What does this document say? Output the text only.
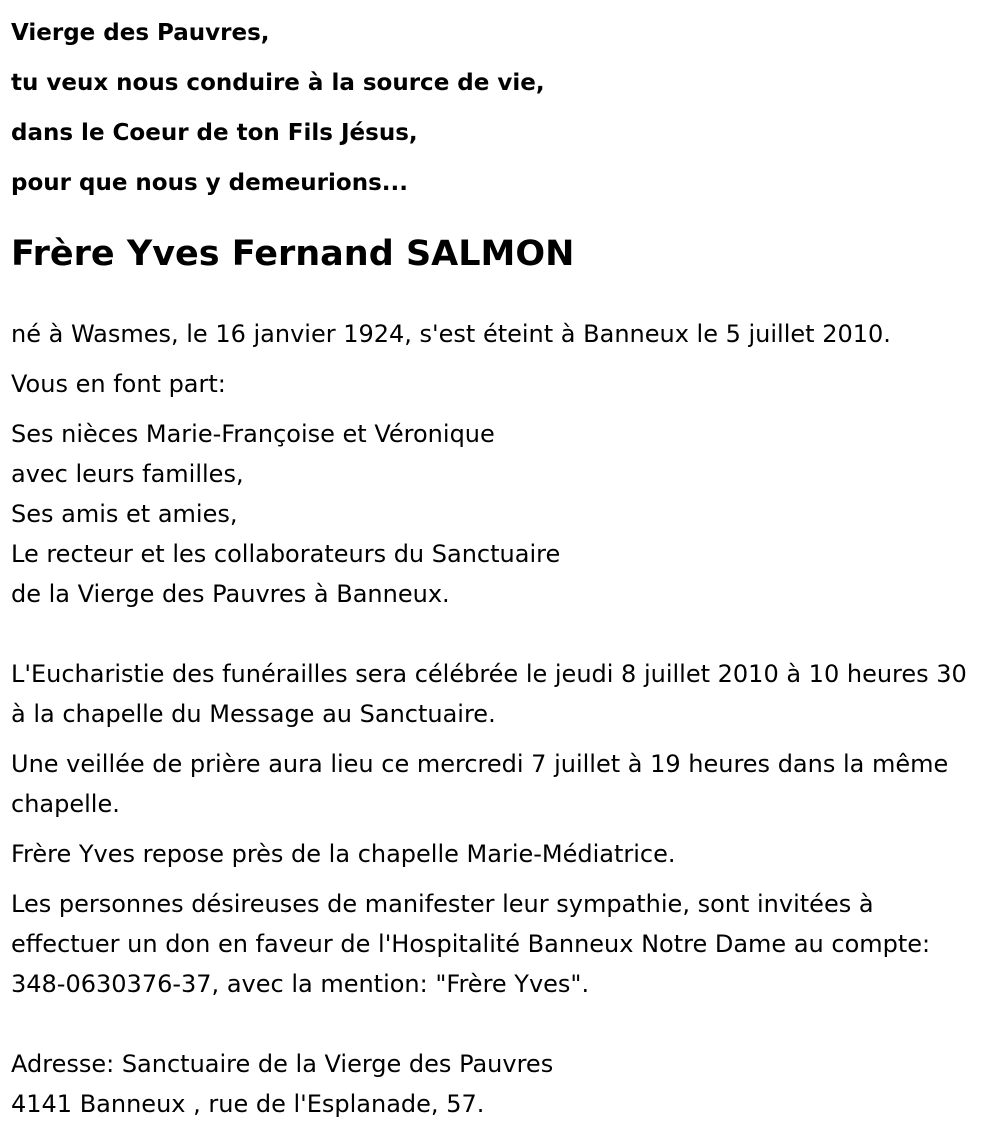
Vierge des Pauvres,
tu veux nous conduire à la source de vie,
dans le Coeur de ton Fils Jésus,
pour que nous y demeurions...
Frère Yves Fernand SALMON
né à Wasmes, le 16 janvier 1924, s'est éteint à Banneux le 5 juillet 2010.
Vous en font part:
Ses nièces Marie-Françoise et Véronique
avec leurs familles,
Ses amis et amies,
Le recteur et les collaborateurs du Sanctuaire
de la Vierge des Pauvres à Banneux.
L'Eucharistie des funérailles sera célébrée le jeudi 8 juillet 2010 à 10 heures 30 à la chapelle du Message au Sanctuaire.
Une veillée de prière aura lieu ce mercredi 7 juillet à 19 heures dans la même chapelle.
Frère Yves repose près de la chapelle Marie-Médiatrice.
Les personnes désireuses de manifester leur sympathie, sont invitées à effectuer un don en faveur de l'Hospitalité Banneux Notre Dame au compte: 348-0630376-37, avec la mention: "Frère Yves".
Adresse: Sanctuaire de la Vierge des Pauvres
4141 Banneux , rue de l'Esplanade, 57.
